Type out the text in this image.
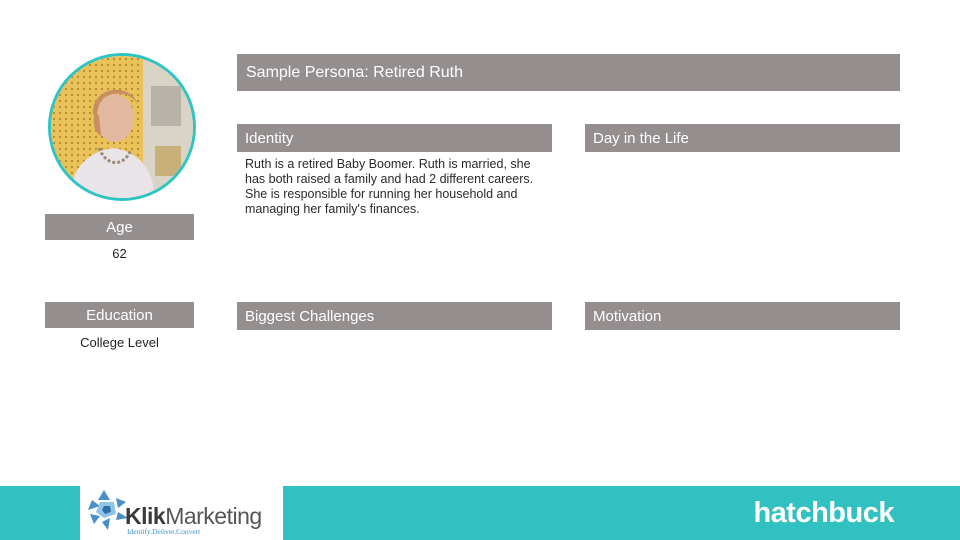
Sample Persona: Retired Ruth
Age
62
Education
College Level
Identity

Ruth is a retired Baby Boomer. Ruth is married, she has both raised a family and had 2 different careers. She is responsible for running her household and managing her family's finances.

Day in the Life
Biggest Challenges	Motivation
KlikMarketing
Identify.Deliver.Convert
hatchbuck
